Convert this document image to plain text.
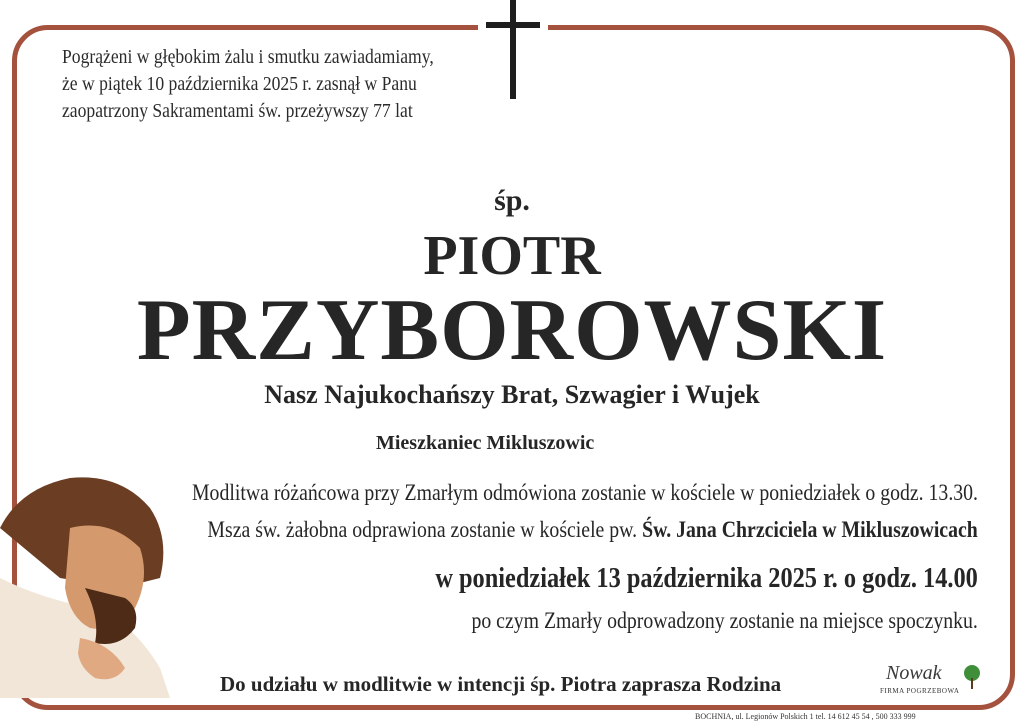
Pogrążeni w głębokim żalu i smutku zawiadamiamy,
że w piątek 10 października 2025 r. zasnął w Panu
zaopatrzony Sakramentami św. przeżywszy 77 lat

śp.
PIOTR
PRZYBOROWSKI
Nasz Najukochańszy Brat, Szwagier i Wujek
Mieszkaniec Mikluszowic
Modlitwa różańcowa przy Zmarłym odmówiona zostanie w kościele w poniedziałek o godz. 13.30.
Msza św. żałobna odprawiona zostanie w kościele pw. Św. Jana Chrzciciela w Mikluszowicach
w poniedziałek 13 października 2025 r. o godz. 14.00
po czym Zmarły odprowadzony zostanie na miejsce spoczynku.
Do udziału w modlitwie w intencji śp. Piotra zaprasza Rodzina	Nowak
FIRMA POGRZEBOWA
BOCHNIA, ul. Legionów Polskich 1 tel. 14 612 45 54 , 500 333 999
